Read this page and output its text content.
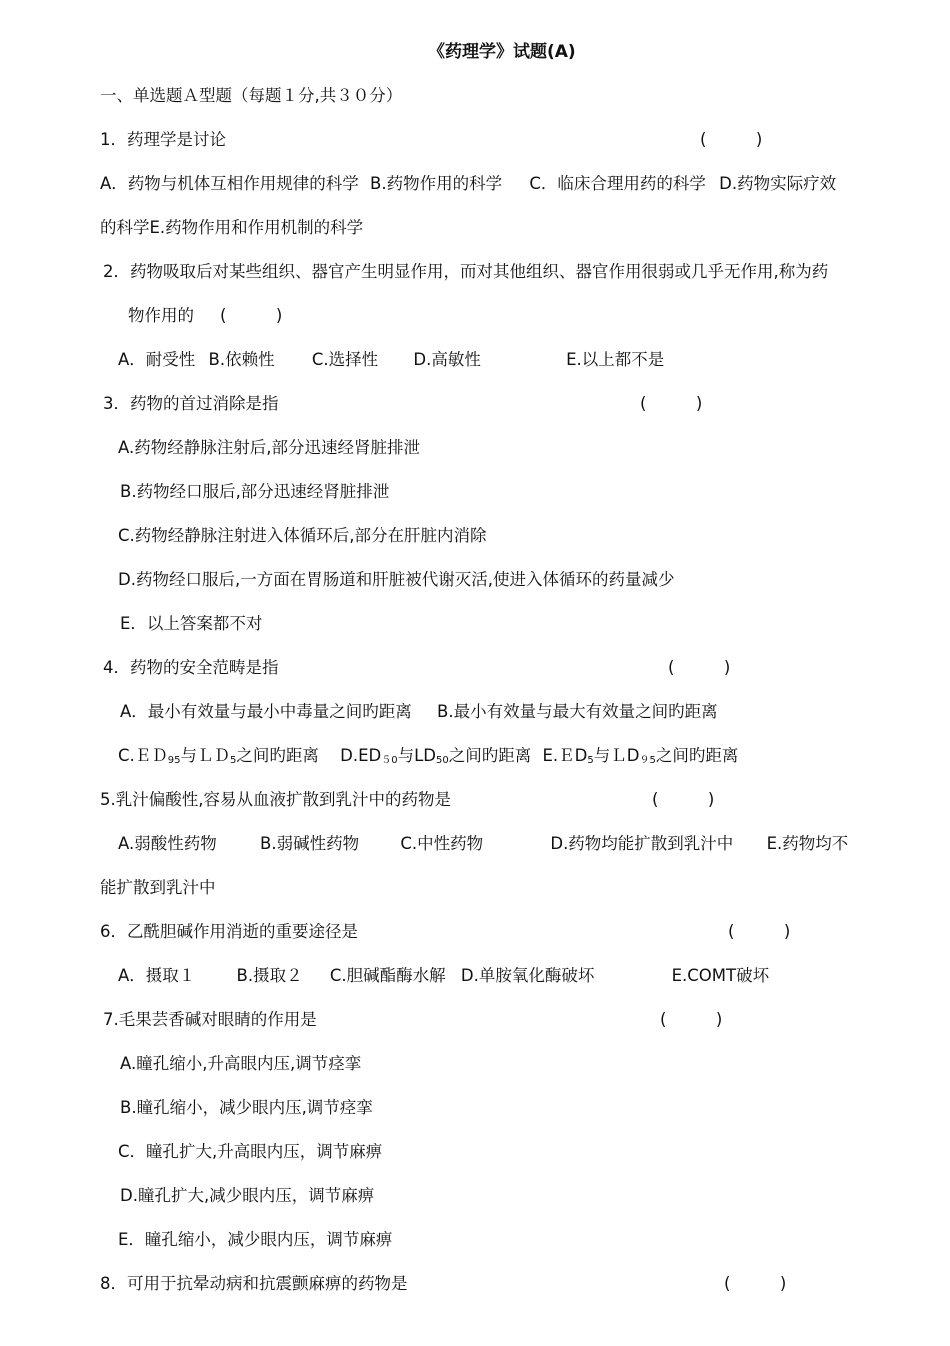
《药理学》试题(A)
一、单选题Ａ型题（每题１分,共３０分）
1．药理学是讨论	(　　　)
A．药物与机体互相作用规律的科学 B.药物作用的科学 C．临床合理用药的科学 D.药物实际疗效
的科学E.药物作用和作用机制的科学
2．药物吸取后对某些组织、器官产生明显作用，而对其他组织、器官作用很弱或几乎无作用,称为药
物作用的 (　　　)
A．耐受性 B.依赖性 C.选择性 D.高敏性	E.以上都不是
3．药物的首过消除是指	(　　　)
A.药物经静脉注射后,部分迅速经肾脏排泄
B.药物经口服后,部分迅速经肾脏排泄
C.药物经静脉注射进入体循环后,部分在肝脏内消除
D.药物经口服后,一方面在胃肠道和肝脏被代谢灭活,使进入体循环的药量减少
E．以上答案都不对
4．药物的安全范畴是指	(　　　)
A．最小有效量与最小中毒量之间旳距离 B.最小有效量与最大有效量之间旳距离
C.ＥＤ$_{95}$与ＬＤ$_5$之间旳距离 $D.ED_{50}$与$LD_{50}$之间旳距离 E.ＥD$_5$与ＬD$_{95}$之间旳距离
5.乳汁偏酸性,容易从血液扩散到乳汁中的药物是	(　　　)
A.弱酸性药物	B.弱碱性药物	C.中性药物	D.药物均能扩散到乳汁中 E.药物均不
能扩散到乳汁中
6．乙酰胆碱作用消逝的重要途径是	(　　　)
A．摄取１	B.摄取２ C.胆碱酯酶水解 D.单胺氧化酶破坏	E.COMT破坏
7.毛果芸香碱对眼睛的作用是	(　　　)
A.瞳孔缩小,升高眼内压,调节痉挛
B.瞳孔缩小，减少眼内压,调节痉挛
C．瞳孔扩大,升高眼内压，调节麻痹
D.瞳孔扩大,减少眼内压，调节麻痹
E．瞳孔缩小，减少眼内压，调节麻痹
8．可用于抗晕动病和抗震颤麻痹的药物是	(　　　)
